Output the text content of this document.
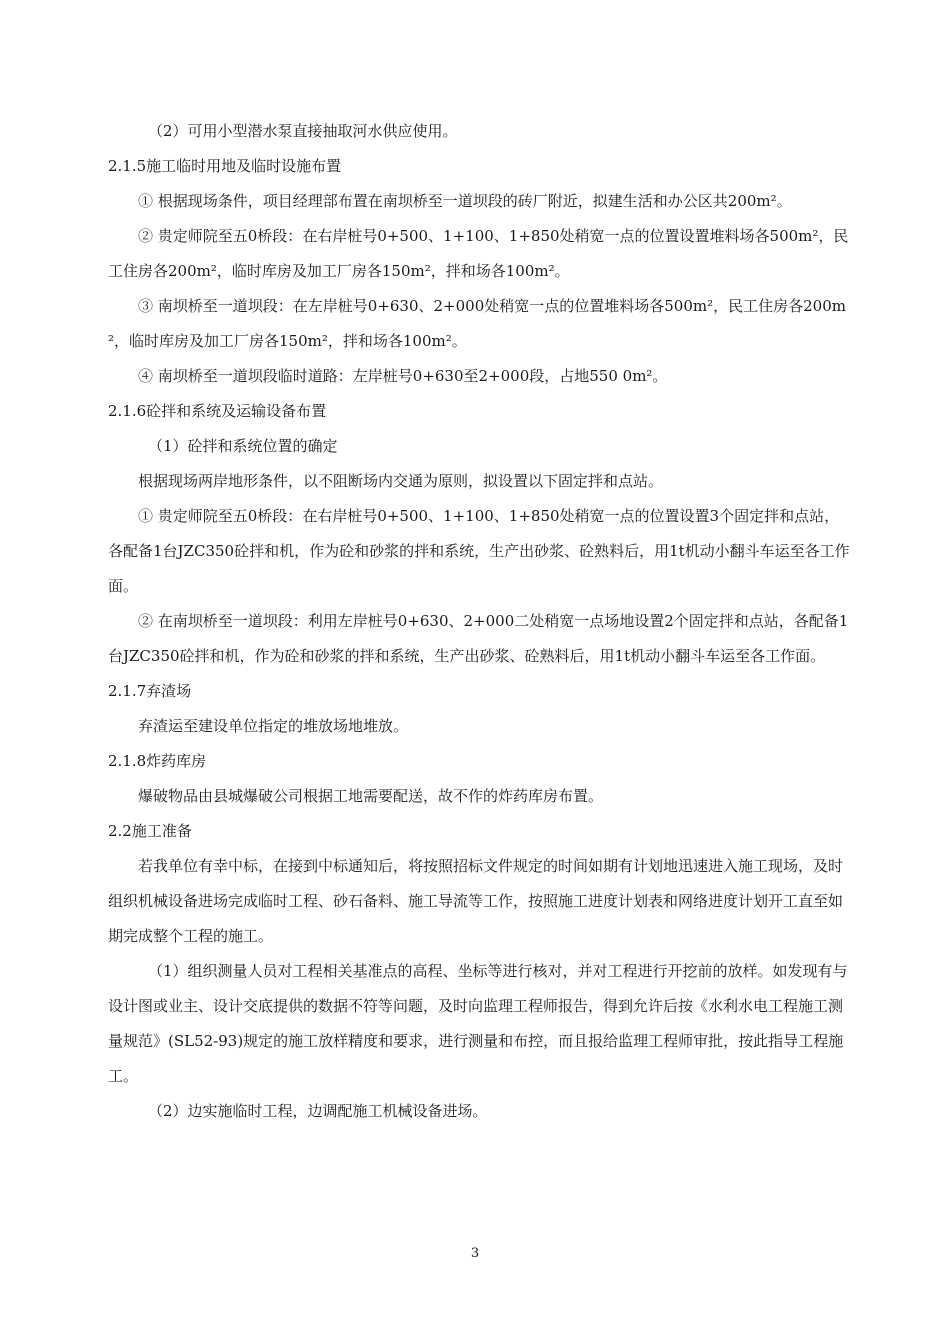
（2）可用小型潜水泵直接抽取河水供应使用。

2.1.5施工临时用地及临时设施布置

① 根据现场条件，项目经理部布置在南坝桥至一道坝段的砖厂附近，拟建生活和办公区共200m²。

② 贵定师院至五0桥段：在右岸桩号0+500、1+100、1+850处稍宽一点的位置设置堆料场各500m²，民工住房各200m²，临时库房及加工厂房各150m²，拌和场各100m²。

③ 南坝桥至一道坝段：在左岸桩号0+630、2+000处稍宽一点的位置堆料场各500m²，民工住房各200m²，临时库房及加工厂房各150m²，拌和场各100m²。

④ 南坝桥至一道坝段临时道路：左岸桩号0+630至2+000段，占地550 0m²。

2.1.6砼拌和系统及运输设备布置

（1）砼拌和系统位置的确定

根据现场两岸地形条件，以不阻断场内交通为原则，拟设置以下固定拌和点站。

① 贵定师院至五0桥段：在右岸桩号0+500、1+100、1+850处稍宽一点的位置设置3个固定拌和点站，各配备1台JZC350砼拌和机，作为砼和砂浆的拌和系统，生产出砂浆、砼熟料后，用1t机动小翻斗车运至各工作面。

② 在南坝桥至一道坝段：利用左岸桩号0+630、2+000二处稍宽一点场地设置2个固定拌和点站，各配备1台JZC350砼拌和机，作为砼和砂浆的拌和系统，生产出砂浆、砼熟料后，用1t机动小翻斗车运至各工作面。

2.1.7弃渣场

弃渣运至建设单位指定的堆放场地堆放。

2.1.8炸药库房

爆破物品由县城爆破公司根据工地需要配送，故不作的炸药库房布置。

2.2施工准备

若我单位有幸中标，在接到中标通知后，将按照招标文件规定的时间如期有计划地迅速进入施工现场，及时组织机械设备进场完成临时工程、砂石备料、施工导流等工作，按照施工进度计划表和网络进度计划开工直至如期完成整个工程的施工。

（1）组织测量人员对工程相关基准点的高程、坐标等进行核对，并对工程进行开挖前的放样。如发现有与设计图或业主、设计交底提供的数据不符等问题，及时向监理工程师报告，得到允许后按《水利水电工程施工测量规范》(SL52-93)规定的施工放样精度和要求，进行测量和布控，而且报给监理工程师审批，按此指导工程施工。

（2）边实施临时工程，边调配施工机械设备进场。

3
